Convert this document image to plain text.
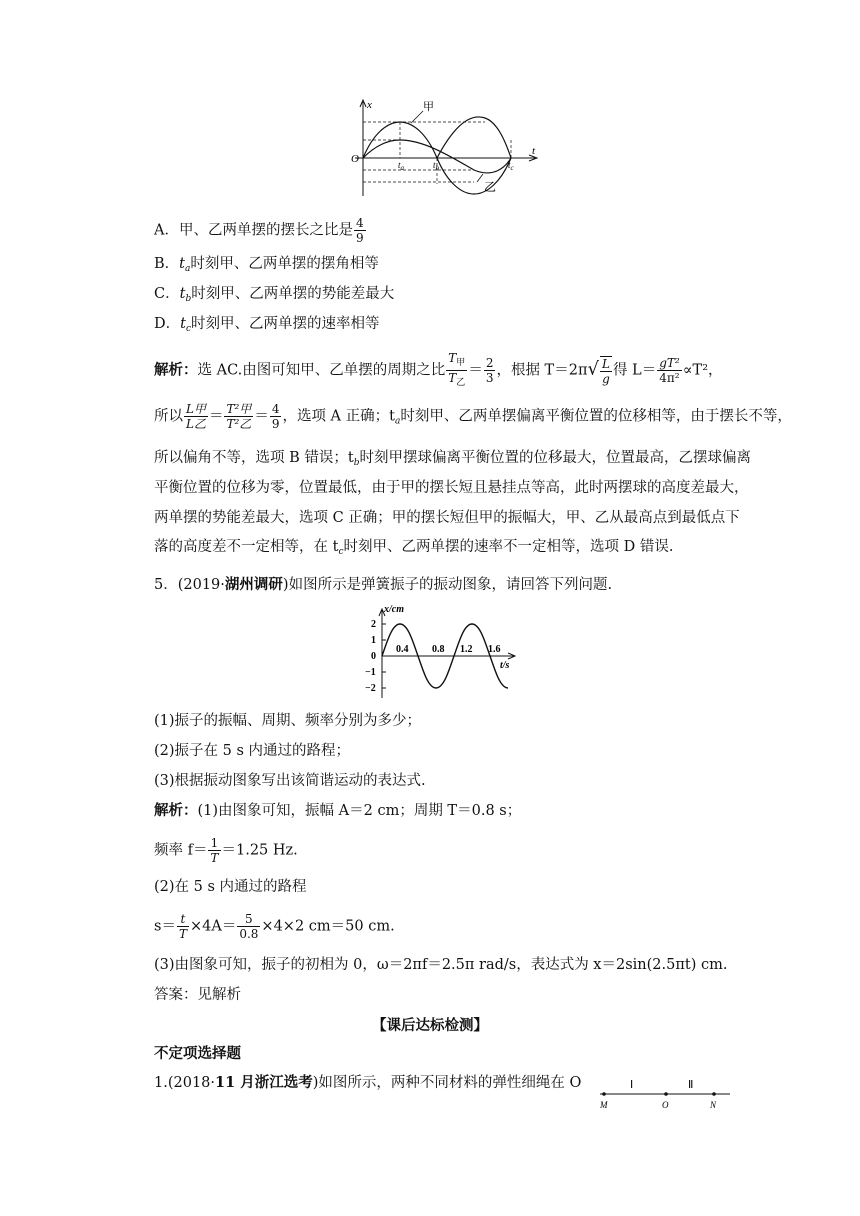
x
t
O	$t_a$	$t_b$	$t_c$
甲
乙
A．甲、乙两单摆的摆长之比是 $\frac{4}{9}$
B．$t_a$时刻甲、乙两单摆的摆角相等
C．$t_b$时刻甲、乙两单摆的势能差最大
D．$t_c$时刻甲、乙两单摆的速率相等
解析：选 AC.由图可知甲、乙单摆的周期之比 $\frac{T_甲}{T_乙} = \frac{2}{3}$ ，根据 $T=2\pi√ \frac{L}{g}$ 得 $L= \frac{\text{gT²}}{\text{4π²}} \propto T^2$，
所以 $\frac{\text{L甲}}{\text{L乙}} = \frac{\text{T²甲}}{\text{T²乙}} = \frac{4}{9}$ ，选项 A 正确；$t_a$时刻甲、乙两单摆偏离平衡位置的位移相等，由于摆长不等，
所以偏角不等，选项 B 错误；$t_b$时刻甲摆球偏离平衡位置的位移最大，位置最高，乙摆球偏离
平衡位置的位移为零，位置最低，由于甲的摆长短且悬挂点等高，此时两摆球的高度差最大，
两单摆的势能差最大，选项 C 正确；甲的摆长短但甲的振幅大，甲、乙从最高点到最低点下
落的高度差不一定相等，在 $t_c$时刻甲、乙两单摆的速率不一定相等，选项 D 错误.
5．(2019·湖州调研)如图所示是弹簧振子的振动图象，请回答下列问题.
x/cm
t/s
2
1
0
−1
−2
0.4 0.8 1.2 1.6
(1)振子的振幅、周期、频率分别为多少；
(2)振子在 5 s 内通过的路程；
(3)根据振动图象写出该简谐运动的表达式.
解析：(1)由图象可知，振幅 A＝2 cm；周期 T＝0.8 s；
频率 $f= \frac{1}{T} =1.25$ Hz.
(2)在 5 s 内通过的路程
$s= \frac{t}{T} \times 4A= \frac{5}{0.8} \times 4\times 2$ cm＝50 cm.
(3)由图象可知，振子的初相为 0，ω＝2πf＝2.5π rad/s，表达式为 x＝2sin(2.5πt) cm.
答案：见解析
【课后达标检测】
不定项选择题
1.(2018·11 月浙江选考)如图所示，两种不同材料的弹性细绳在 O	Ⅰ	Ⅱ
M	O	N
